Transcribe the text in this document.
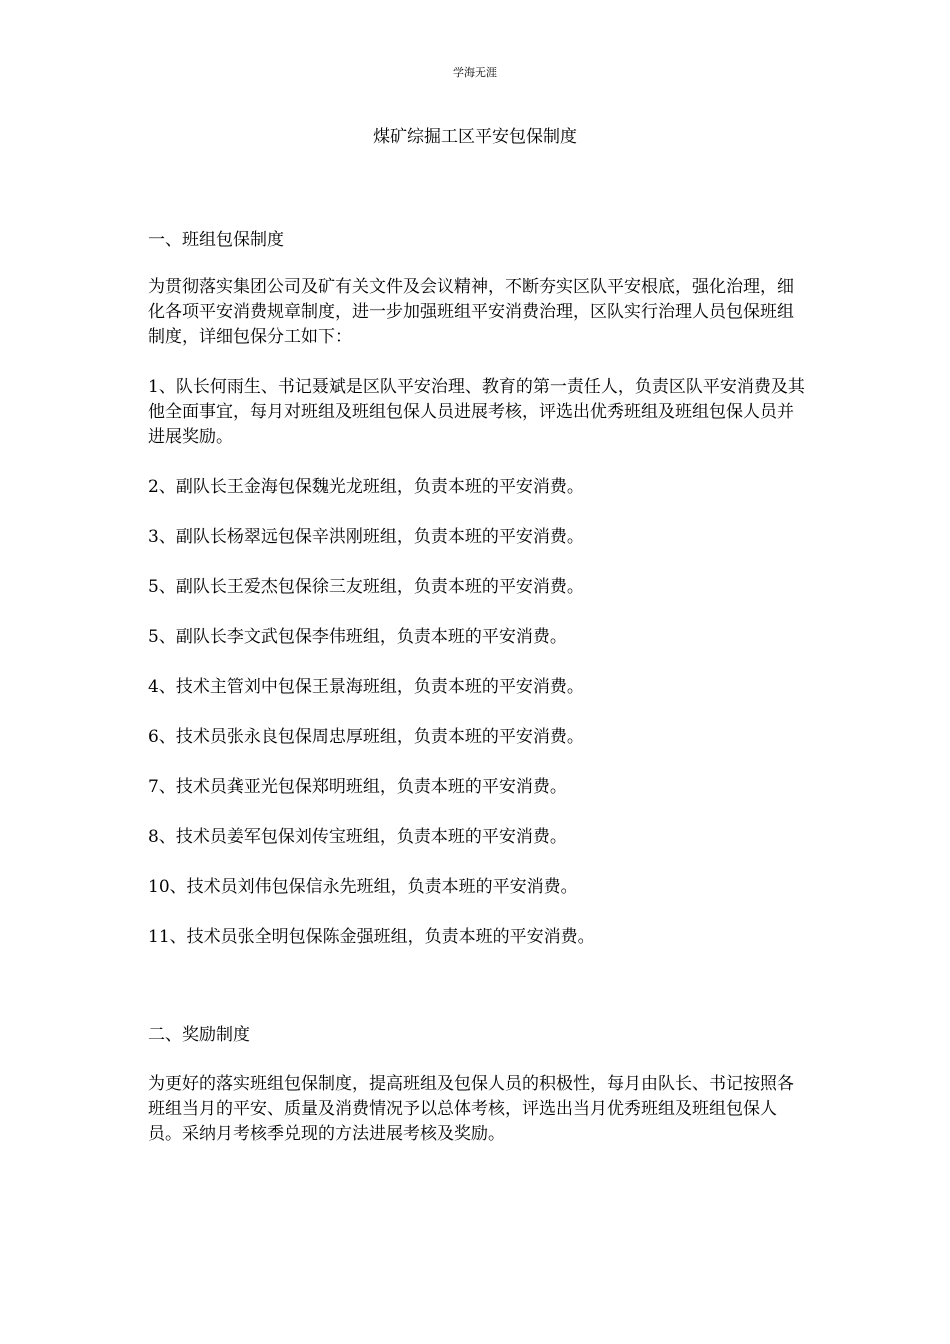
学海无涯
煤矿综掘工区平安包保制度
一、班组包保制度

为贯彻落实集团公司及矿有关文件及会议精神，不断夯实区队平安根底，强化治理，细化各项平安消费规章制度，进一步加强班组平安消费治理，区队实行治理人员包保班组制度，详细包保分工如下：

1、队长何雨生、书记聂斌是区队平安治理、教育的第一责任人，负责区队平安消费及其他全面事宜，每月对班组及班组包保人员进展考核，评选出优秀班组及班组包保人员并进展奖励。

2、副队长王金海包保魏光龙班组，负责本班的平安消费。
3、副队长杨翠远包保辛洪刚班组，负责本班的平安消费。
5、副队长王爱杰包保徐三友班组，负责本班的平安消费。
5、副队长李文武包保李伟班组，负责本班的平安消费。
4、技术主管刘中包保王景海班组，负责本班的平安消费。
6、技术员张永良包保周忠厚班组，负责本班的平安消费。
7、技术员龚亚光包保郑明班组，负责本班的平安消费。
8、技术员姜军包保刘传宝班组，负责本班的平安消费。
10、技术员刘伟包保信永先班组，负责本班的平安消费。
11、技术员张全明包保陈金强班组，负责本班的平安消费。
二、奖励制度

为更好的落实班组包保制度，提高班组及包保人员的积极性，每月由队长、书记按照各班组当月的平安、质量及消费情况予以总体考核，评选出当月优秀班组及班组包保人员。采纳月考核季兑现的方法进展考核及奖励。
